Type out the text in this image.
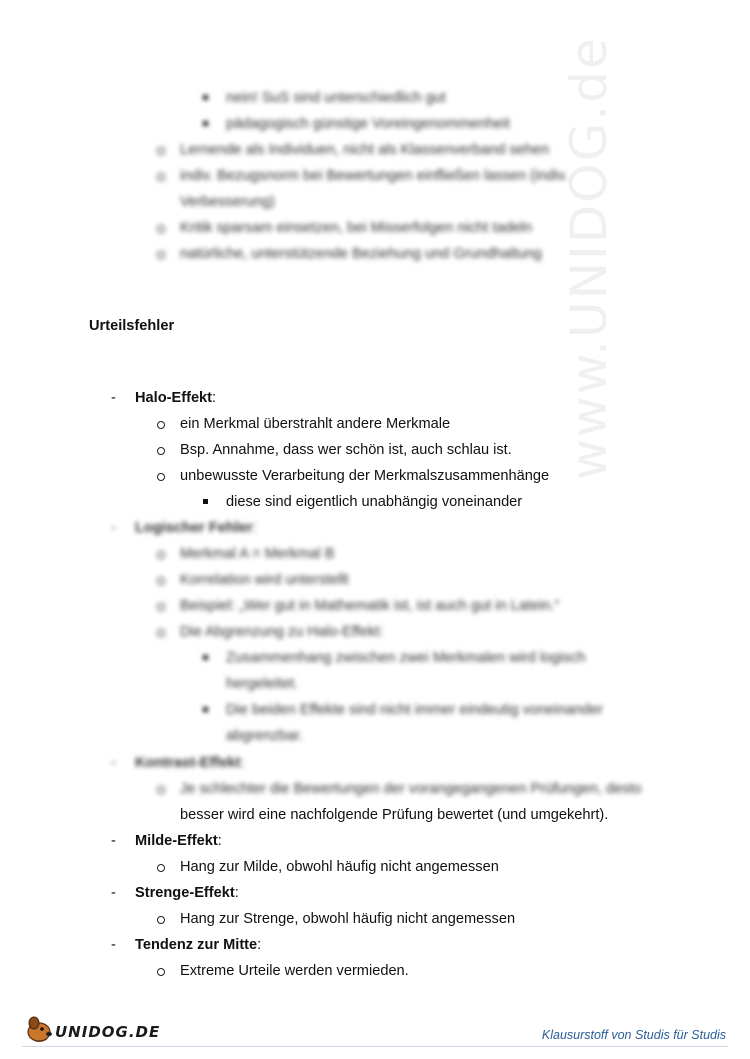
www.UNIDOG.de
nein! SuS sind unterschiedlich gut
pädagogisch günstige Voreingenommenheit
Lernende als Individuen, nicht als Klassenverband sehen
indiv. Bezugsnorm bei Bewertungen einfließen lassen (indiv.
Verbesserung)
Kritik sparsam einsetzen, bei Misserfolgen nicht tadeln
natürliche, unterstützende Beziehung und Grundhaltung
Urteilsfehler
- Halo-Effekt:
ein Merkmal überstrahlt andere Merkmale
Bsp. Annahme, dass wer schön ist, auch schlau ist.
unbewusste Verarbeitung der Merkmalszusammenhänge
diese sind eigentlich unabhängig voneinander
- Logischer Fehler:
Merkmal A = Merkmal B
Korrelation wird unterstellt
Beispiel: „Wer gut in Mathematik ist, ist auch gut in Latein.“
Die Abgrenzung zu Halo-Effekt:
Zusammenhang zwischen zwei Merkmalen wird logisch
hergeleitet.
Die beiden Effekte sind nicht immer eindeutig voneinander
abgrenzbar.
- Kontrast-Effekt:
Je schlechter die Bewertungen der vorangegangenen Prüfungen, desto
besser wird eine nachfolgende Prüfung bewertet (und umgekehrt).
- Milde-Effekt:
Hang zur Milde, obwohl häufig nicht angemessen
- Strenge-Effekt:
Hang zur Strenge, obwohl häufig nicht angemessen
- Tendenz zur Mitte:
Extreme Urteile werden vermieden.
UNIDOG.DE	Klausurstoff von Studis für Studis
